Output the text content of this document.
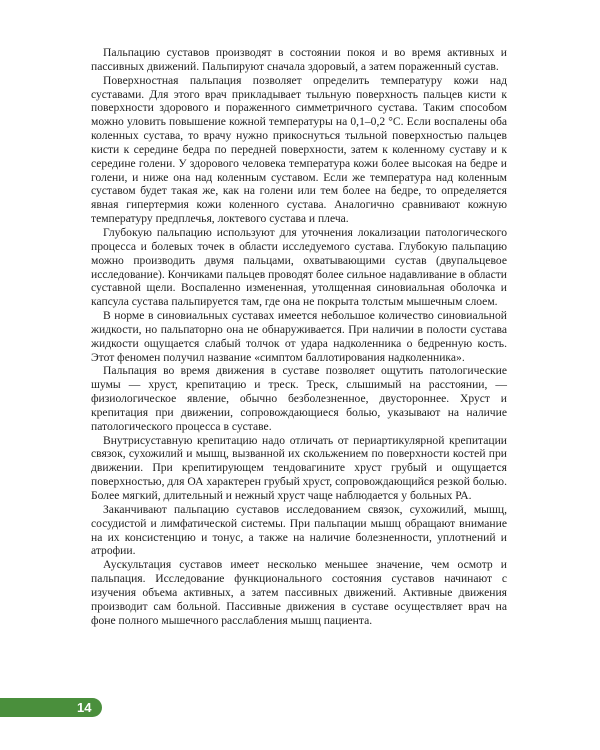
Пальпацию суставов производят в состоянии покоя и во время активных и пассивных движений. Пальпируют сначала здоровый, а затем пораженный сустав.

Поверхностная пальпация позволяет определить температуру кожи над суставами. Для этого врач прикладывает тыльную поверхность пальцев кисти к поверхности здорового и пораженного симметричного сустава. Таким способом можно уловить повышение кожной температуры на 0,1–0,2 °С. Если воспалены оба коленных сустава, то врачу нужно прикоснуться тыльной поверхностью пальцев кисти к середине бедра по передней поверхности, затем к коленному суставу и к середине голени. У здорового человека температура кожи более высокая на бедре и голени, и ниже она над коленным суставом. Если же температура над коленным суставом будет такая же, как на голени или тем более на бедре, то определяется явная гипертермия кожи коленного сустава. Аналогично сравнивают кожную температуру предплечья, локтевого сустава и плеча.

Глубокую пальпацию используют для уточнения локализации патологического процесса и болевых точек в области исследуемого сустава. Глубокую пальпацию можно производить двумя пальцами, охватывающими сустав (двупальцевое исследование). Кончиками пальцев проводят более сильное надавливание в области суставной щели. Воспаленно измененная, утолщенная синовиальная оболочка и капсула сустава пальпируется там, где она не покрыта толстым мышечным слоем.

В норме в синовиальных суставах имеется небольшое количество синовиальной жидкости, но пальпаторно она не обнаруживается. При наличии в полости сустава жидкости ощущается слабый толчок от удара надколенника о бедренную кость. Этот феномен получил название «симптом баллотирования надколенника».

Пальпация во время движения в суставе позволяет ощутить патологические шумы — хруст, крепитацию и треск. Треск, слышимый на расстоянии, — физиологическое явление, обычно безболезненное, двустороннее. Хруст и крепитация при движении, сопровождающиеся болью, указывают на наличие патологического процесса в суставе.

Внутрисуставную крепитацию надо отличать от периартикулярной крепитации связок, сухожилий и мышц, вызванной их скольжением по поверхности костей при движении. При крепитирующем тендовагините хруст грубый и ощущается поверхностью, для ОА характерен грубый хруст, сопровождающийся резкой болью. Более мягкий, длительный и нежный хруст чаще наблюдается у больных РА.

Заканчивают пальпацию суставов исследованием связок, сухожилий, мышц, сосудистой и лимфатической системы. При пальпации мышц обращают внимание на их консистенцию и тонус, а также на наличие болезненности, уплотнений и атрофии.

Аускультация суставов имеет несколько меньшее значение, чем осмотр и пальпация. Исследование функционального состояния суставов начинают с изучения объема активных, а затем пассивных движений. Активные движения производит сам больной. Пассивные движения в суставе осуществляет врач на фоне полного мышечного расслабления мышц пациента.

14
